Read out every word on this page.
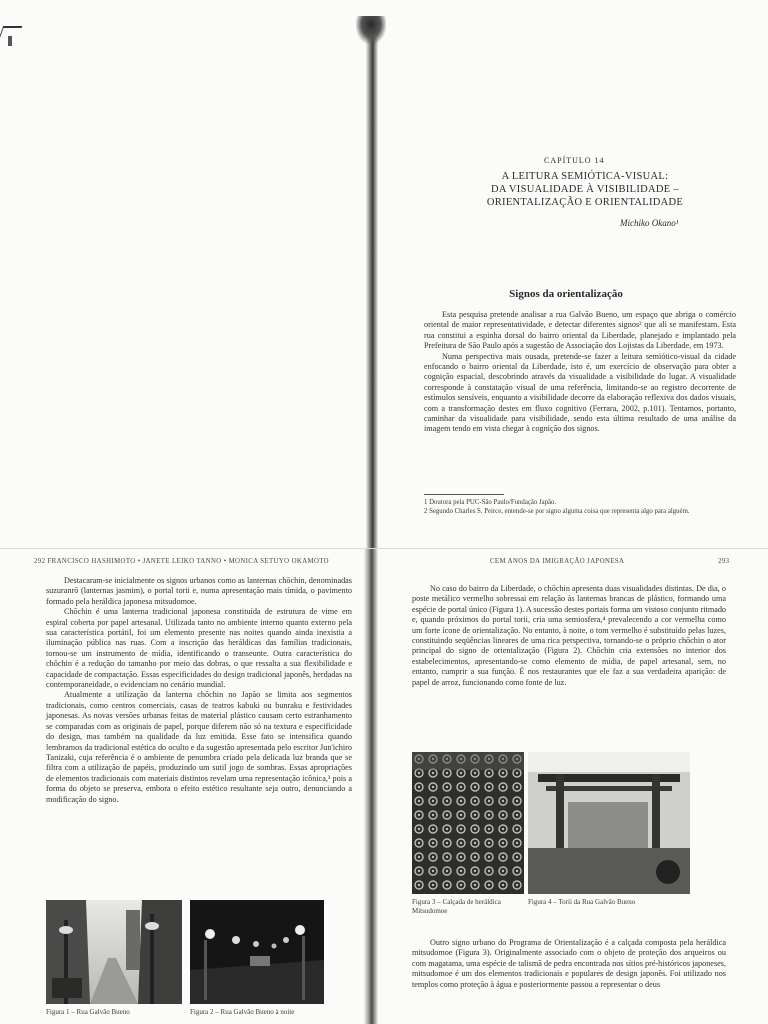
CAPÍTULO 14
A LEITURA SEMIÓTICA-VISUAL:
DA VISUALIDADE À VISIBILIDADE –
ORIENTALIZAÇÃO E ORIENTALIDADE
Michiko Okano¹
Signos da orientalização

Esta pesquisa pretende analisar a rua Galvão Bueno, um espaço que abriga o comércio oriental de maior representatividade, e detectar diferentes signos² que ali se manifestam. Esta rua constitui a espinha dorsal do bairro oriental da Liberdade, planejado e implantado pela Prefeitura de São Paulo após a sugestão de Associação dos Lojistas da Liberdade, em 1973.

Numa perspectiva mais ousada, pretende-se fazer a leitura semiótico-visual da cidade enfocando o bairro oriental da Liberdade, isto é, um exercício de observação para obter a cognição espacial, descobrindo através da visualidade a visibilidade do lugar. A visualidade corresponde à constatação visual de uma referência, limitando-se ao registro decorrente de estímulos sensíveis, enquanto a visibilidade decorre da elaboração reflexiva dos dados visuais, com a transformação destes em fluxo cognitivo (Ferrara, 2002, p.101). Tentamos, portanto, caminhar da visualidade para visibilidade, sendo esta última resultado de uma análise da imagem tendo em vista chegar à cognição dos signos.

1 Doutora pela PUC-São Paulo/Fundação Japão.
2 Segundo Charles S. Peirce, entende-se por signo alguma coisa que representa algo para alguém.
292 FRANCISCO HASHIMOTO • JANETE LEIKO TANNO • MONICA SETUYO OKAMOTO

Destacaram-se inicialmente os signos urbanos como as lanternas chōchin, denominadas suzuranrō (lanternas jasmim), o portal torii e, numa apresentação mais tímida, o pavimento formado pela heráldica japonesa mitsudomoe.

Chōchin é uma lanterna tradicional japonesa constituída de estrutura de vime em espiral coberta por papel artesanal. Utilizada tanto no ambiente interno quanto externo pela sua característica portátil, foi um elemento presente nas noites quando ainda inexistia a iluminação pública nas ruas. Com a inscrição das heráldicas das famílias tradicionais, tornou-se um instrumento de mídia, identificando o transeunte. Outra característica do chōchin é a redução do tamanho por meio das dobras, o que ressalta a sua flexibilidade e capacidade de compactação. Essas especificidades do design tradicional japonês, herdadas na contemporaneidade, o evidenciam no cenário mundial.

Atualmente a utilização da lanterna chōchin no Japão se limita aos segmentos tradicionais, como centros comerciais, casas de teatros kabuki ou bunraku e festividades japonesas. As novas versões urbanas feitas de material plástico causam certo estranhamento se comparadas com as originais de papel, porque diferem não só na textura e especificidade do design, mas também na qualidade da luz emitida. Esse fato se intensifica quando lembramos da tradicional estética do oculto e da sugestão apresentada pelo escritor Jun'ichiro Tanizaki, cuja referência é o ambiente de penumbra criado pela delicada luz branda que se filtra com a utilização de papéis, produzindo um sutil jogo de sombras. Essas apropriações de elementos tradicionais com materiais distintos revelam uma representação icônica,³ pois a forma do objeto se preserva, embora o efeito estético resultante seja outro, denunciando a modificação do signo.

Figura 1 – Rua Galvão Bueno	Figura 2 – Rua Galvão Bueno à noite
CEM ANOS DA IMIGRAÇÃO JAPONESA	293

No caso do bairro da Liberdade, o chōchin apresenta duas visualidades distintas. De dia, o poste metálico vermelho sobressai em relação às lanternas brancas de plástico, formando uma espécie de portal único (Figura 1). A sucessão destes portais forma um vistoso conjunto ritmado e, quando próximos do portal torii, cria uma semiosfera,⁴ prevalecendo a cor vermelha como um forte ícone de orientalização. No entanto, à noite, o tom vermelho é substituído pelas luzes, constituindo seqüências lineares de uma rica perspectiva, tornando-se o próprio chōchin o ator principal do signo de orientalização (Figura 2). Chōchin cria extensões no interior dos estabelecimentos, apresentando-se como elemento de mídia, de papel artesanal, sem, no entanto, cumprir a sua função. É nos restaurantes que ele faz a sua verdadeira aparição: de papel de arroz, funcionando como fonte de luz.

Figura 3 – Calçada de heráldica Mitsudomoe
Figura 4 – Torii da Rua Galvão Bueno

Outro signo urbano do Programa de Orientalização é a calçada composta pela heráldica mitsudomoe (Figura 3). Originalmente associado com o objeto de proteção dos arqueiros ou com magatama, uma espécie de talismã de pedra encontrada nos sítios pré-históricos japoneses, mitsudomoe é um dos elementos tradicionais e populares de design japonês. Foi utilizado nos templos como proteção à água e posteriormente passou a representar o deus
